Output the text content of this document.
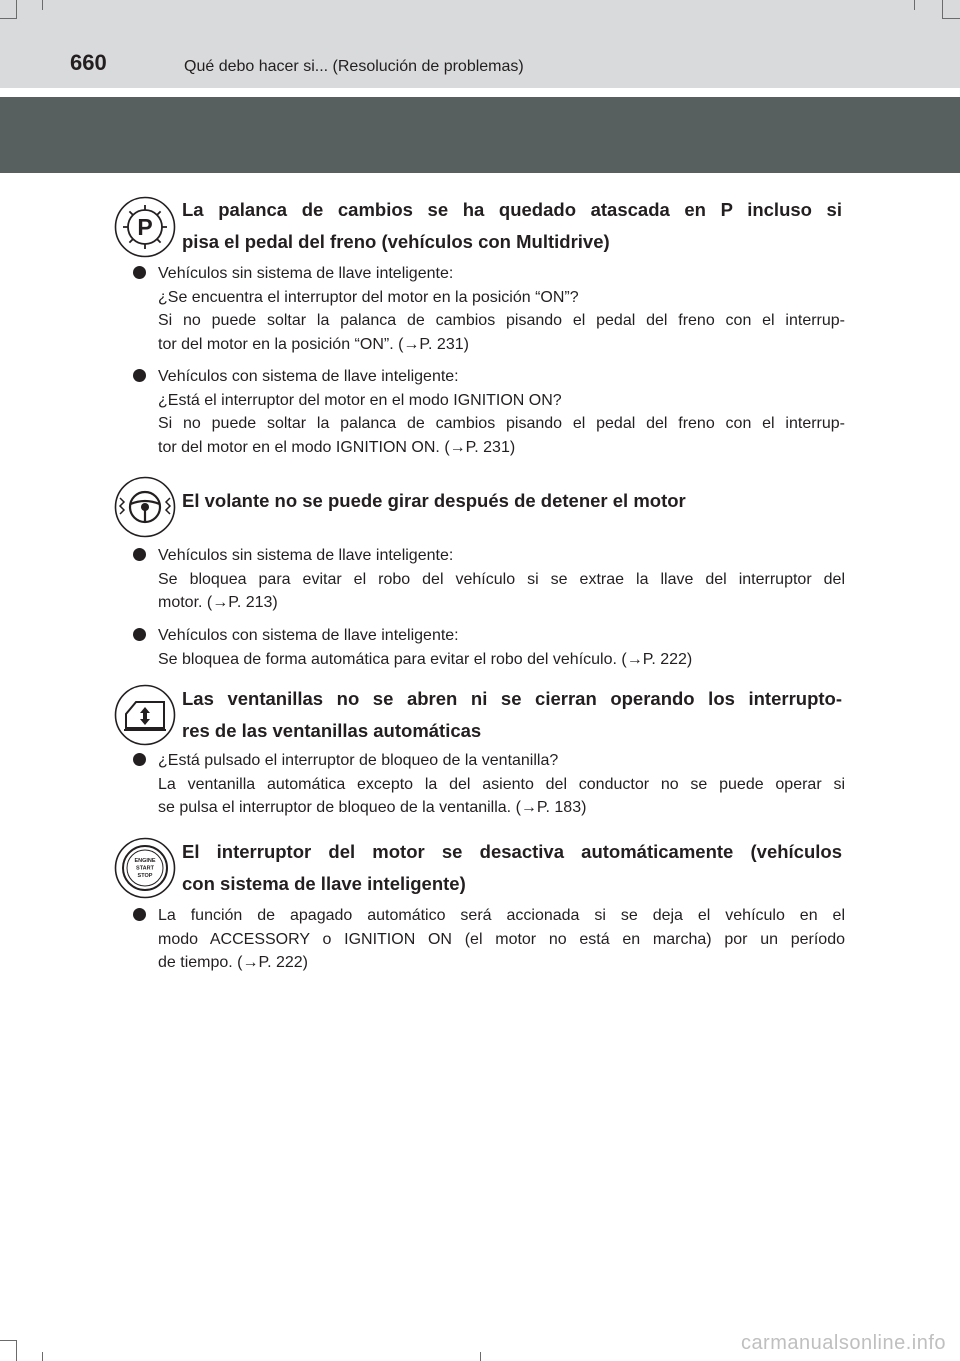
660	Qué debo hacer si... (Resolución de problemas)
P
La palanca de cambios se ha quedado atascada en P incluso si
pisa el pedal del freno (vehículos con Multidrive)
Vehículos sin sistema de llave inteligente:
¿Se encuentra el interruptor del motor en la posición “ON”?
Si no puede soltar la palanca de cambios pisando el pedal del freno con el interrup-
tor del motor en la posición “ON”. (→P. 231)
Vehículos con sistema de llave inteligente:
¿Está el interruptor del motor en el modo IGNITION ON?
Si no puede soltar la palanca de cambios pisando el pedal del freno con el interrup-
tor del motor en el modo IGNITION ON. (→P. 231)
El volante no se puede girar después de detener el motor
Vehículos sin sistema de llave inteligente:
Se bloquea para evitar el robo del vehículo si se extrae la llave del interruptor del
motor. (→P. 213)
Vehículos con sistema de llave inteligente:
Se bloquea de forma automática para evitar el robo del vehículo. (→P. 222)
Las ventanillas no se abren ni se cierran operando los interrupto-
res de las ventanillas automáticas
¿Está pulsado el interruptor de bloqueo de la ventanilla?
La ventanilla automática excepto la del asiento del conductor no se puede operar si
se pulsa el interruptor de bloqueo de la ventanilla. (→P. 183)
ENGINE
START
STOP
El interruptor del motor se desactiva automáticamente (vehículos
con sistema de llave inteligente)
La función de apagado automático será accionada si se deja el vehículo en el
modo ACCESSORY o IGNITION ON (el motor no está en marcha) por un período
de tiempo. (→P. 222)
carmanualsonline.info
